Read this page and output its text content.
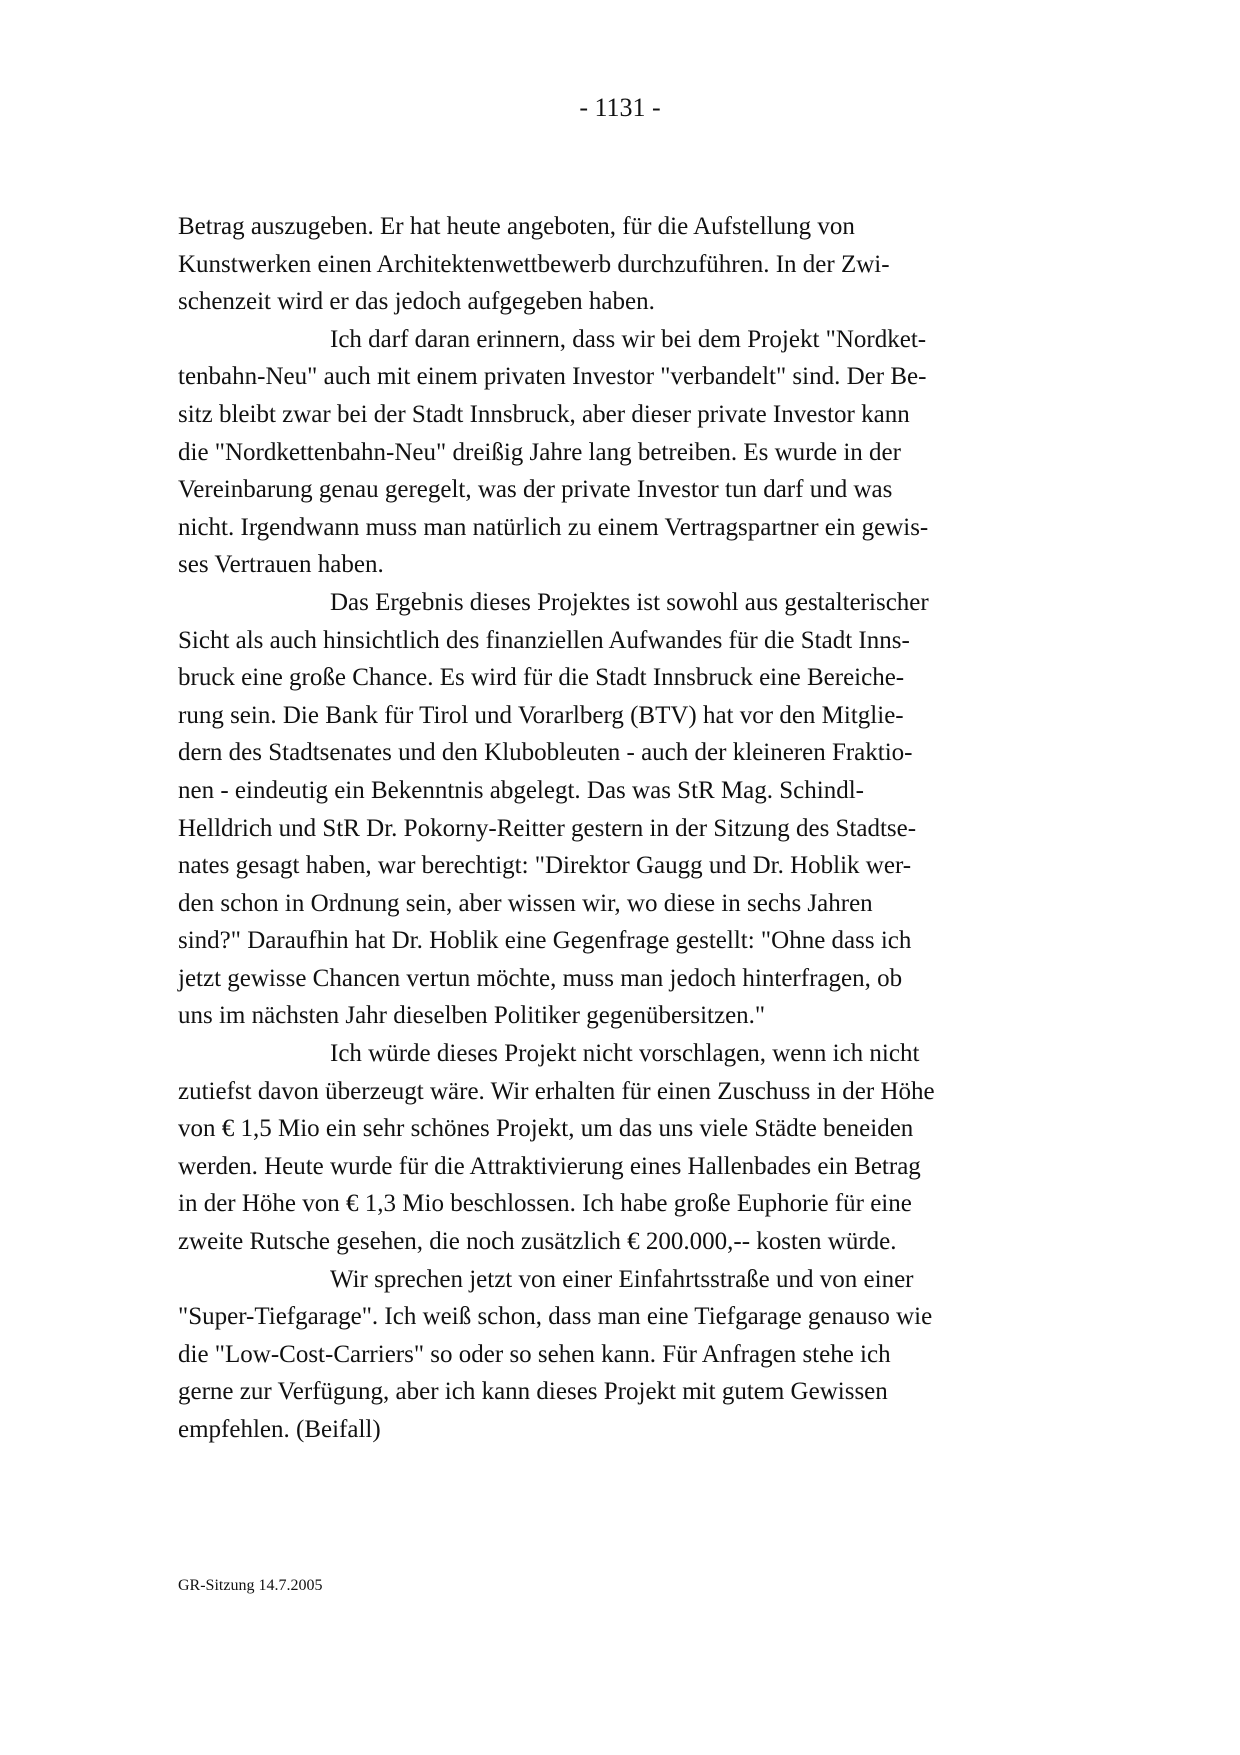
- 1131 -
Betrag auszugeben. Er hat heute angeboten, für die Aufstellung von
Kunstwerken einen Architektenwettbewerb durchzuführen. In der Zwi-
schenzeit wird er das jedoch aufgegeben haben.
Ich darf daran erinnern, dass wir bei dem Projekt "Nordket-
tenbahn-Neu" auch mit einem privaten Investor "verbandelt" sind. Der Be-
sitz bleibt zwar bei der Stadt Innsbruck, aber dieser private Investor kann
die "Nordkettenbahn-Neu" dreißig Jahre lang betreiben. Es wurde in der
Vereinbarung genau geregelt, was der private Investor tun darf und was
nicht. Irgendwann muss man natürlich zu einem Vertragspartner ein gewis-
ses Vertrauen haben.
Das Ergebnis dieses Projektes ist sowohl aus gestalterischer
Sicht als auch hinsichtlich des finanziellen Aufwandes für die Stadt Inns-
bruck eine große Chance. Es wird für die Stadt Innsbruck eine Bereiche-
rung sein. Die Bank für Tirol und Vorarlberg (BTV) hat vor den Mitglie-
dern des Stadtsenates und den Klubobleuten - auch der kleineren Fraktio-
nen - eindeutig ein Bekenntnis abgelegt. Das was StR Mag. Schindl-
Helldrich und StR Dr. Pokorny-Reitter gestern in der Sitzung des Stadtse-
nates gesagt haben, war berechtigt: "Direktor Gaugg und Dr. Hoblik wer-
den schon in Ordnung sein, aber wissen wir, wo diese in sechs Jahren
sind?" Daraufhin hat Dr. Hoblik eine Gegenfrage gestellt: "Ohne dass ich
jetzt gewisse Chancen vertun möchte, muss man jedoch hinterfragen, ob
uns im nächsten Jahr dieselben Politiker gegenübersitzen."
Ich würde dieses Projekt nicht vorschlagen, wenn ich nicht
zutiefst davon überzeugt wäre. Wir erhalten für einen Zuschuss in der Höhe
von € 1,5 Mio ein sehr schönes Projekt, um das uns viele Städte beneiden
werden. Heute wurde für die Attraktivierung eines Hallenbades ein Betrag
in der Höhe von € 1,3 Mio beschlossen. Ich habe große Euphorie für eine
zweite Rutsche gesehen, die noch zusätzlich € 200.000,-- kosten würde.
Wir sprechen jetzt von einer Einfahrtsstraße und von einer
"Super-Tiefgarage". Ich weiß schon, dass man eine Tiefgarage genauso wie
die "Low-Cost-Carriers" so oder so sehen kann. Für Anfragen stehe ich
gerne zur Verfügung, aber ich kann dieses Projekt mit gutem Gewissen
empfehlen. (Beifall)
GR-Sitzung 14.7.2005
